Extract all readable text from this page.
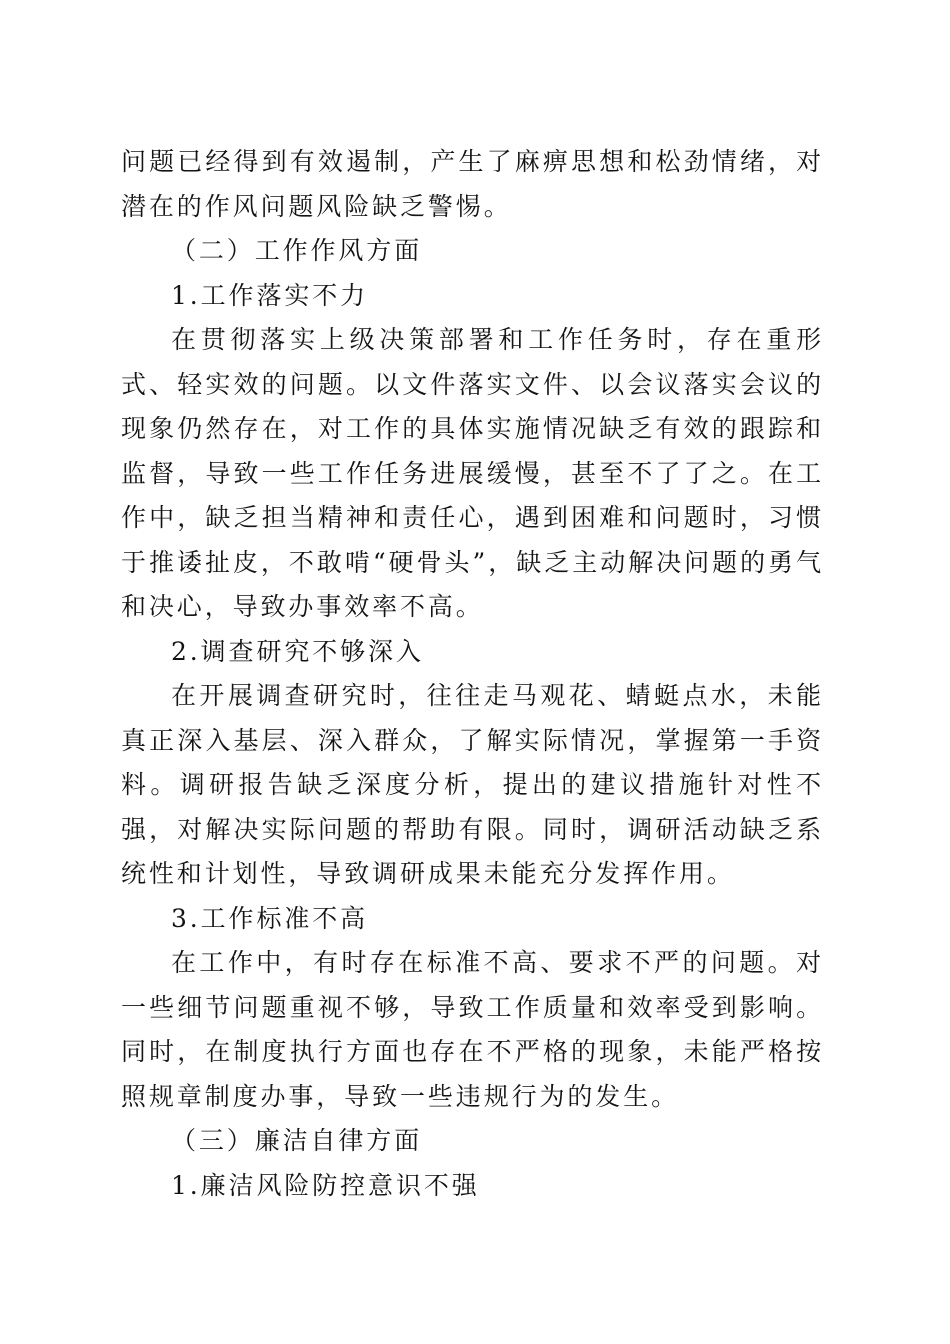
问题已经得到有效遏制，产生了麻痹思想和松劲情绪，对潜在的作风问题风险缺乏警惕。

（二）工作作风方面

1.工作落实不力

在贯彻落实上级决策部署和工作任务时，存在重形式、轻实效的问题。以文件落实文件、以会议落实会议的现象仍然存在，对工作的具体实施情况缺乏有效的跟踪和监督，导致一些工作任务进展缓慢，甚至不了了之。在工作中，缺乏担当精神和责任心，遇到困难和问题时，习惯于推诿扯皮，不敢啃“硬骨头”，缺乏主动解决问题的勇气和决心，导致办事效率不高。

2.调查研究不够深入

在开展调查研究时，往往走马观花、蜻蜓点水，未能真正深入基层、深入群众，了解实际情况，掌握第一手资料。调研报告缺乏深度分析，提出的建议措施针对性不强，对解决实际问题的帮助有限。同时，调研活动缺乏系统性和计划性，导致调研成果未能充分发挥作用。

3.工作标准不高

在工作中，有时存在标准不高、要求不严的问题。对一些细节问题重视不够，导致工作质量和效率受到影响。同时，在制度执行方面也存在不严格的现象，未能严格按照规章制度办事，导致一些违规行为的发生。

（三）廉洁自律方面

1.廉洁风险防控意识不强
